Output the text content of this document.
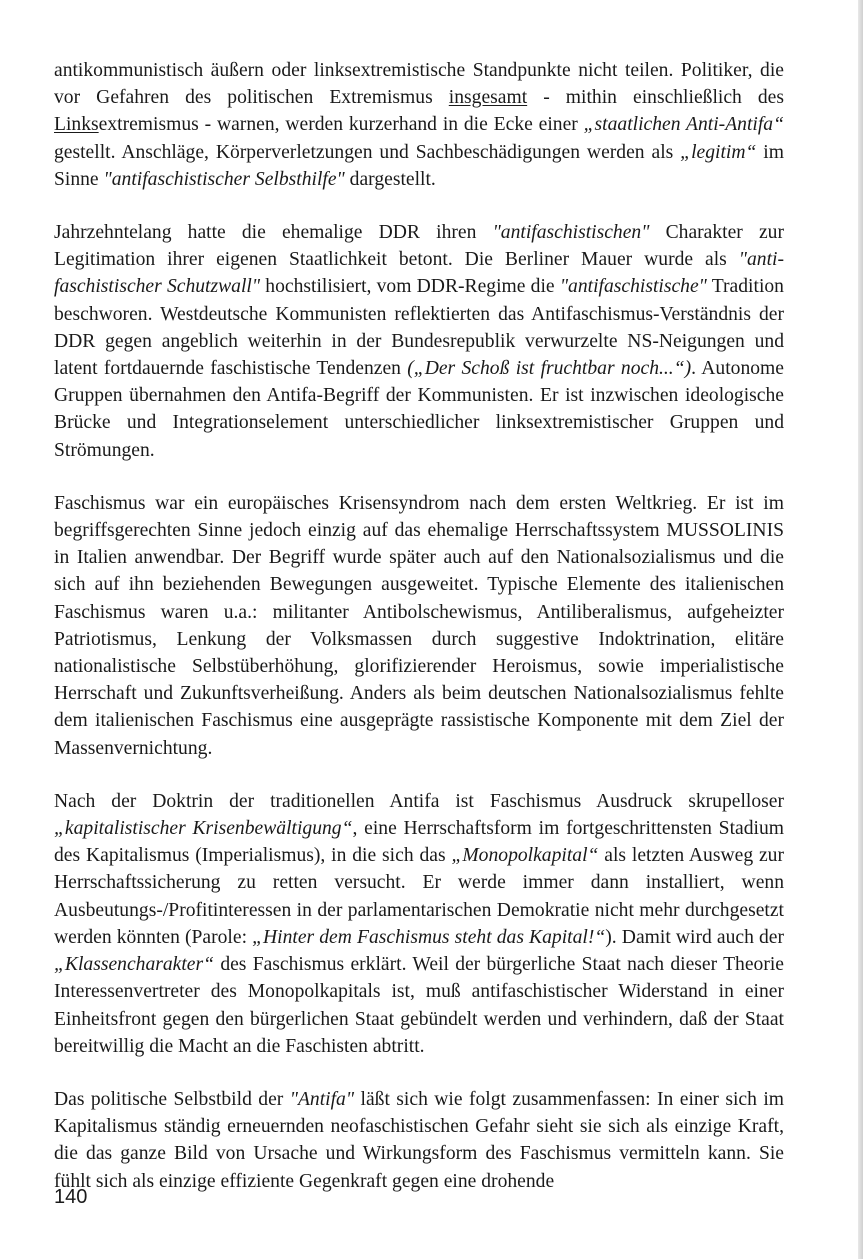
antikommunistisch äußern oder linksextremistische Standpunkte nicht teilen. Politiker, die vor Gefahren des politischen Extremismus insgesamt - mithin einschließlich des Linksextremismus - warnen, werden kurzerhand in die Ecke einer „staatlichen Anti-Antifa“ gestellt. Anschläge, Körperverletzungen und Sachbeschädigungen werden als „legitim“ im Sinne "antifaschistischer Selbsthilfe" dargestellt.

Jahrzehntelang hatte die ehemalige DDR ihren "antifaschistischen" Charakter zur Legitimation ihrer eigenen Staatlichkeit betont. Die Berliner Mauer wurde als "antifaschistischer Schutzwall" hochstilisiert, vom DDR-Regime die "antifaschistische" Tradition beschworen. Westdeutsche Kommunisten reflektierten das Antifaschismus-Verständnis der DDR gegen angeblich weiterhin in der Bundesrepublik verwurzelte NS-Neigungen und latent fortdauernde faschistische Tendenzen („Der Schoß ist fruchtbar noch...“). Autonome Gruppen übernahmen den Antifa-Begriff der Kommunisten. Er ist inzwischen ideologische Brücke und Integrationselement unterschiedlicher linksextremistischer Gruppen und Strömungen.

Faschismus war ein europäisches Krisensyndrom nach dem ersten Weltkrieg. Er ist im begriffsgerechten Sinne jedoch einzig auf das ehemalige Herrschaftssystem MUSSOLINIS in Italien anwendbar. Der Begriff wurde später auch auf den Nationalsozialismus und die sich auf ihn beziehenden Bewegungen ausgeweitet. Typische Elemente des italienischen Faschismus waren u.a.: militanter Antibolschewismus, Antiliberalismus, aufgeheizter Patriotismus, Lenkung der Volksmassen durch suggestive Indoktrination, elitäre nationalistische Selbstüberhöhung, glorifizierender Heroismus, sowie imperialistische Herrschaft und Zukunftsverheißung. Anders als beim deutschen Nationalsozialismus fehlte dem italienischen Faschismus eine ausgeprägte rassistische Komponente mit dem Ziel der Massenvernichtung.

Nach der Doktrin der traditionellen Antifa ist Faschismus Ausdruck skrupelloser „kapitalistischer Krisenbewältigung“, eine Herrschaftsform im fortgeschrittensten Stadium des Kapitalismus (Imperialismus), in die sich das „Monopolkapital“ als letzten Ausweg zur Herrschaftssicherung zu retten versucht. Er werde immer dann installiert, wenn Ausbeutungs-/Profitinteressen in der parlamentarischen Demokratie nicht mehr durchgesetzt werden könnten (Parole: „Hinter dem Faschismus steht das Kapital!“). Damit wird auch der „Klassencharakter“ des Faschismus erklärt. Weil der bürgerliche Staat nach dieser Theorie Interessenvertreter des Monopolkapitals ist, muß antifaschistischer Widerstand in einer Einheitsfront gegen den bürgerlichen Staat gebündelt werden und verhindern, daß der Staat bereitwillig die Macht an die Faschisten abtritt.

Das politische Selbstbild der "Antifa" läßt sich wie folgt zusammenfassen: In einer sich im Kapitalismus ständig erneuernden neofaschistischen Gefahr sieht sie sich als einzige Kraft, die das ganze Bild von Ursache und Wirkungsform des Faschismus vermitteln kann. Sie fühlt sich als einzige effiziente Gegenkraft gegen eine drohende

140
